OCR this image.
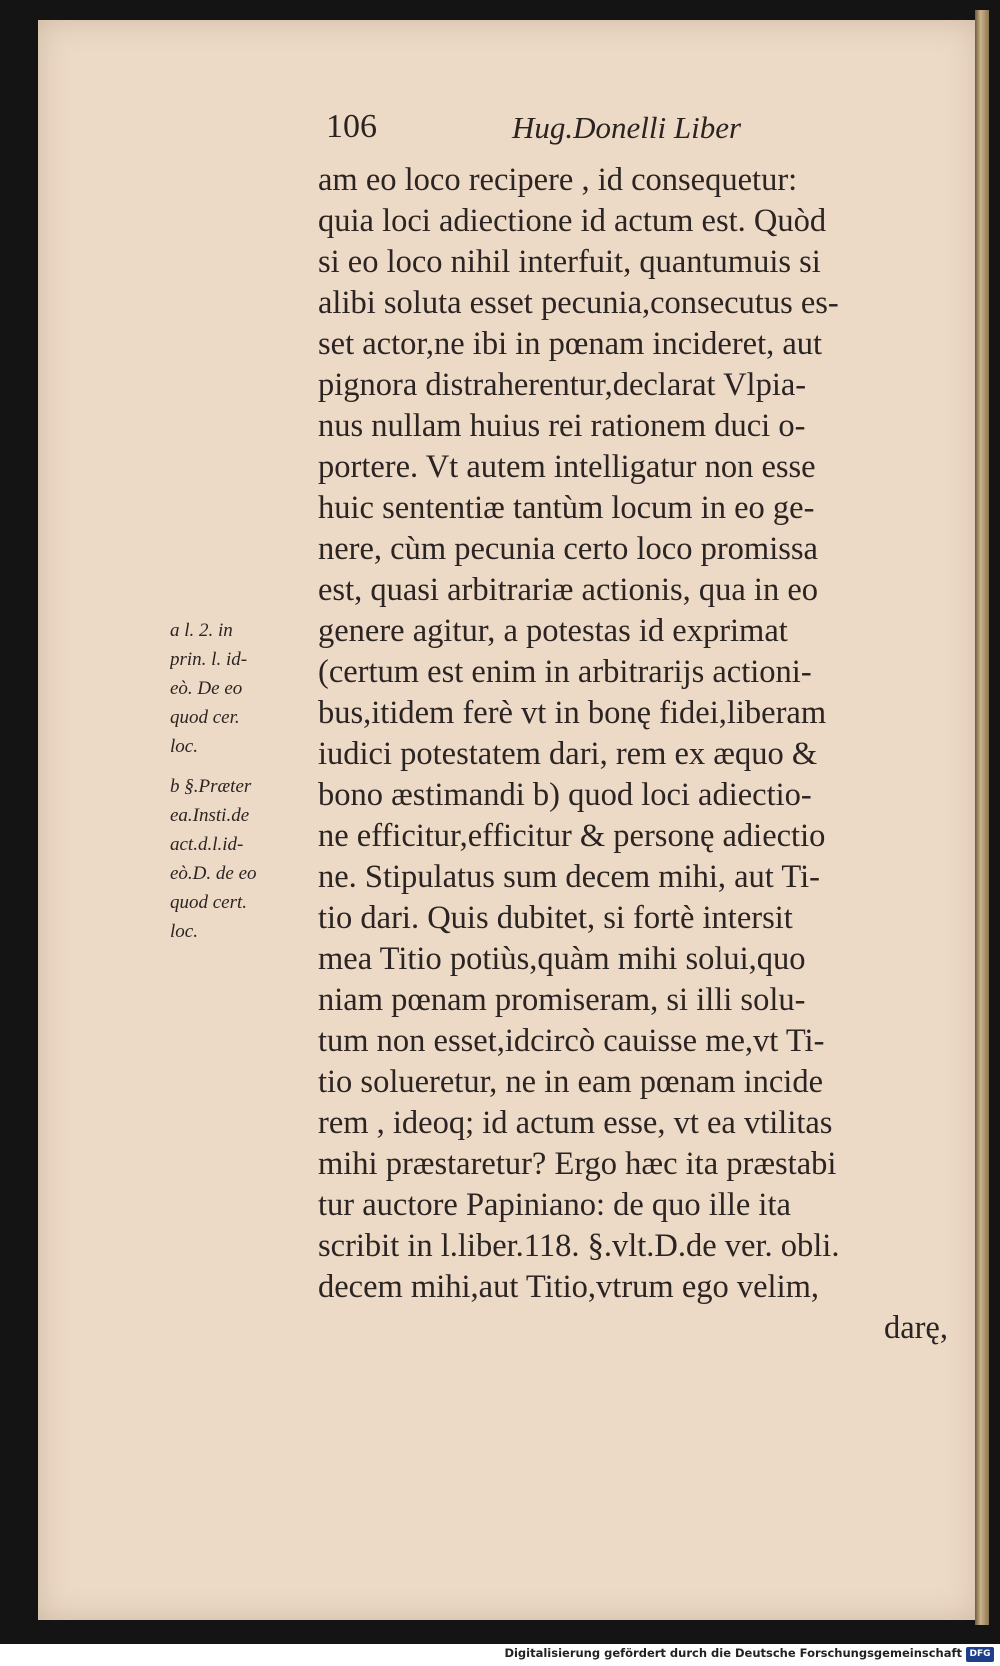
106	Hug.Donelli Liber
am eo loco recipere , id consequetur:
quia loci adiectione id actum est. Quòd
si eo loco nihil interfuit, quantumuis si
alibi soluta esset pecunia,consecutus es-
set actor,ne ibi in pœnam incideret, aut
pignora distraherentur,declarat Vlpia-
nus nullam huius rei rationem duci o-
portere. Vt autem intelligatur non esse
huic sententiæ tantùm locum in eo ge-
nere, cùm pecunia certo loco promissa
est, quasi arbitrariæ actionis, qua in eo
genere agitur, a potestas id exprimat
(certum est enim in arbitrarijs actioni-
bus,itidem ferè vt in bonę fidei,liberam
iudici potestatem dari, rem ex æquo &
bono æstimandi b) quod loci adiectio-
ne efficitur,efficitur & personę adiectio
ne. Stipulatus sum decem mihi, aut Ti-
tio dari. Quis dubitet, si fortè intersit
mea Titio potiùs,quàm mihi solui,quo
niam pœnam promiseram, si illi solu-
tum non esset,idcircò cauisse me,vt Ti-
tio solueretur, ne in eam pœnam incide
rem , ideoq; id actum esse, vt ea vtilitas
mihi præstaretur? Ergo hæc ita præstabi
tur auctore Papiniano: de quo ille ita
scribit in l.liber.118. §.vlt.D.de ver. obli.
decem mihi,aut Titio,vtrum ego velim,
darę,
a l. 2. in
prin. l. id-
eò. De eo
quod cer.
loc.
b §.Præter
ea.Insti.de
act.d.l.id-
eò.D. de eo
quod cert.
loc.
Digitalisierung gefördert durch die Deutsche Forschungsgemeinschaft DFG
